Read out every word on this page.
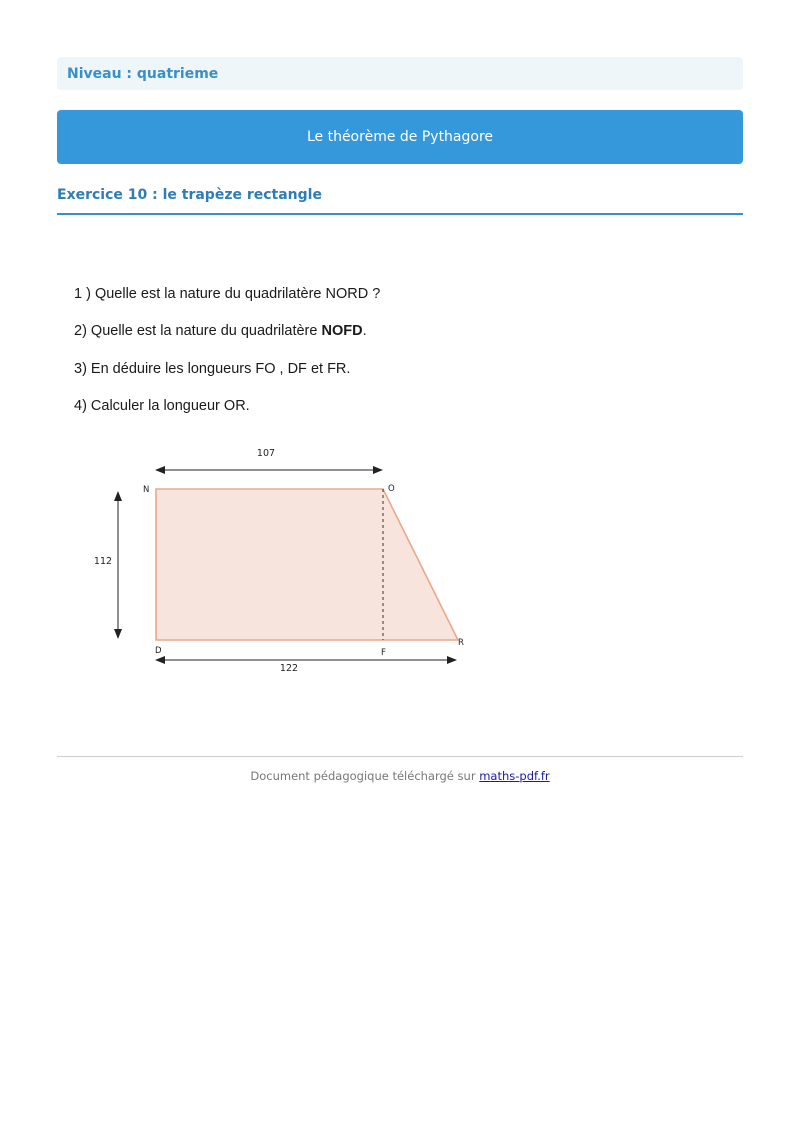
Niveau : quatrieme
Le théorème de Pythagore
Exercice 10 : le trapèze rectangle
1 ) Quelle est la nature du quadrilatère NORD ?
2) Quelle est la nature du quadrilatère NOFD.
3) En déduire les longueurs FO , DF et FR.
4) Calculer la longueur OR.
107
112
122
N	O
R
D	F
Document pédagogique téléchargé sur maths-pdf.fr
